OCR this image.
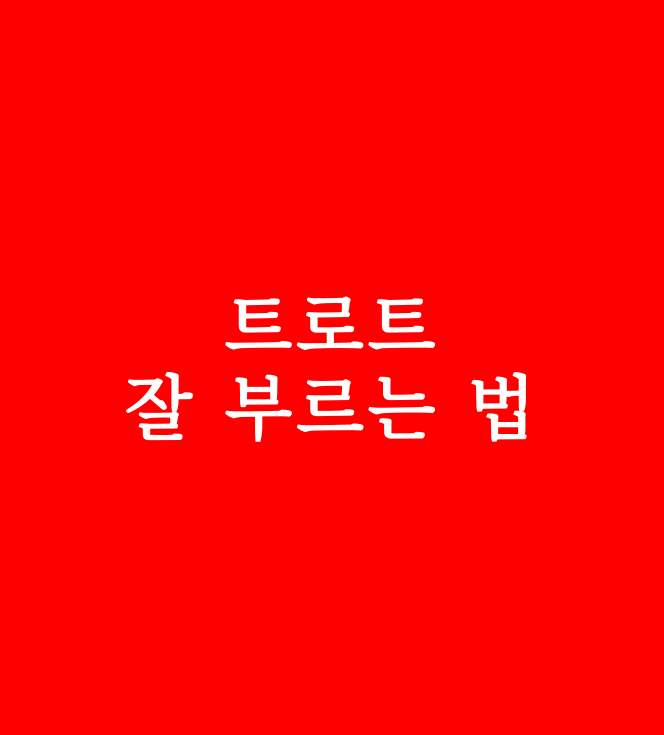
트로트
잘 부르는 법
